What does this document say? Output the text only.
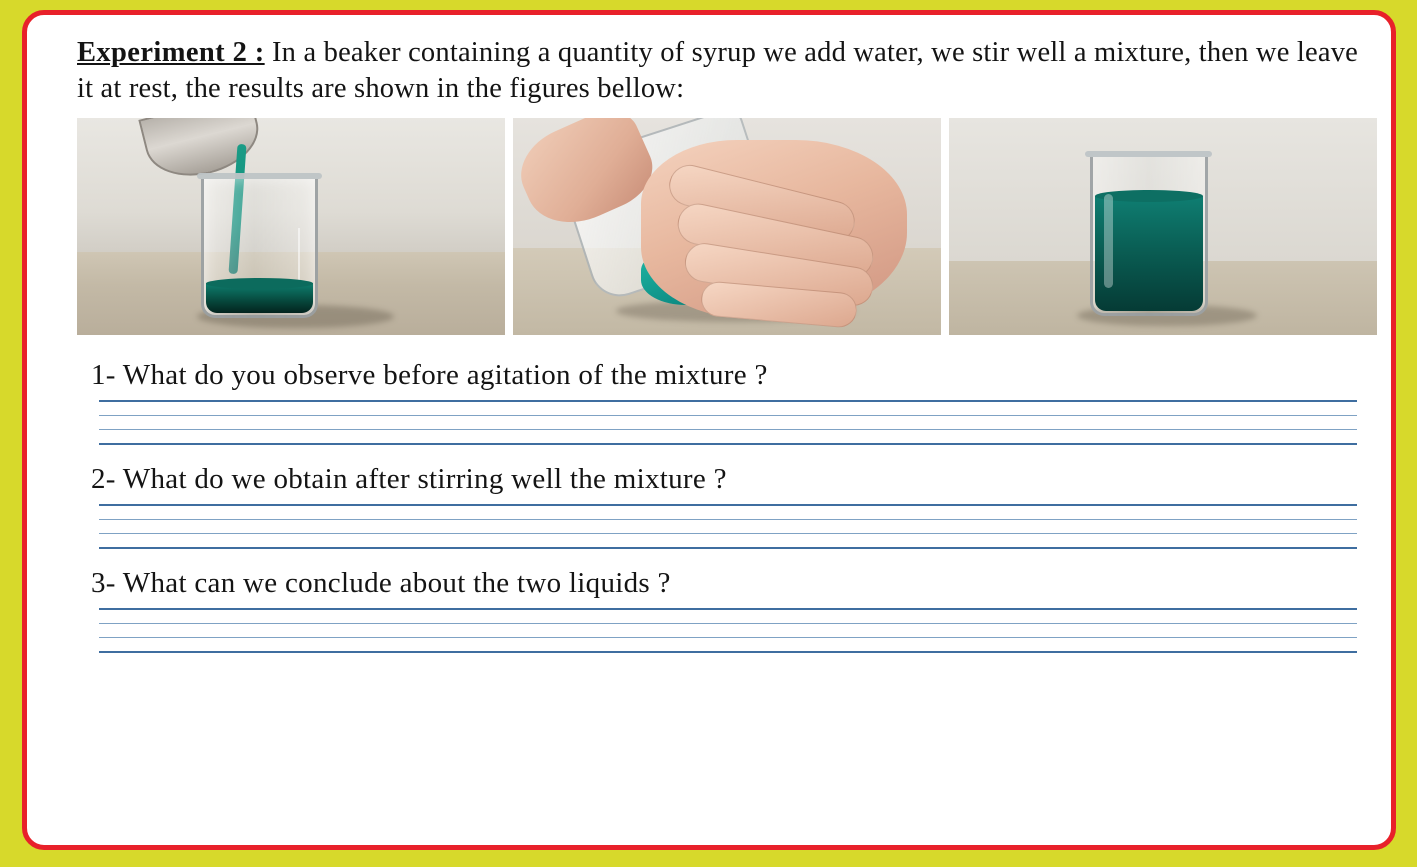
Experiment 2 : In a beaker containing a quantity of syrup we add water, we stir well a mixture, then we leave it at rest, the results are shown in the figures bellow:

1- What do you observe before agitation of the mixture ?
2- What do we obtain after stirring well the mixture ?
3- What can we conclude about the two liquids ?
